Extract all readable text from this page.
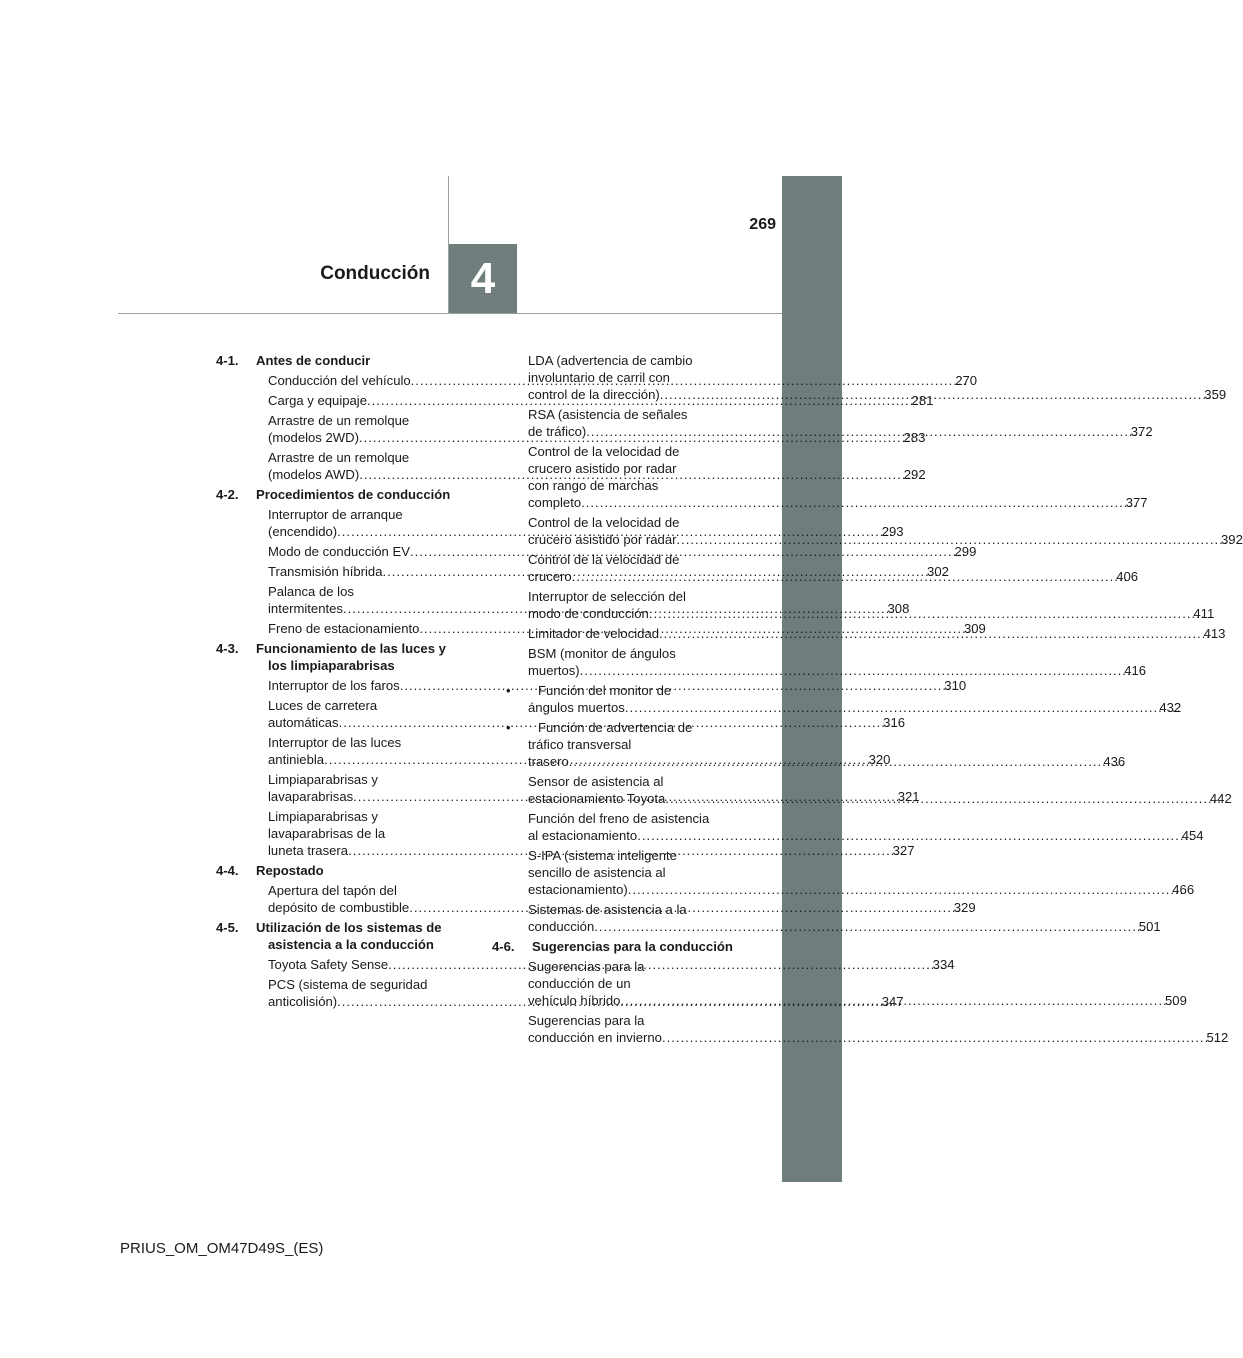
269
Conducción 4
4-1.	Antes de conducir
Conducción del vehículo .....	270
Carga y equipaje .....	281
Arrastre de un remolque
(modelos 2WD) .....	283
Arrastre de un remolque
(modelos AWD) .....	292
4-2.	Procedimientos de conducción
Interruptor de arranque
(encendido) .....	293
Modo de conducción EV .....	299
Transmisión híbrida .....	302
Palanca de los
intermitentes .....	308
Freno de estacionamiento .....	309
4-3.	Funcionamiento de las luces y los limpiaparabrisas
Interruptor de los faros .....	310
Luces de carretera
automáticas .....	316
Interruptor de las luces
antiniebla .....	320
Limpiaparabrisas y
lavaparabrisas .....	321
Limpiaparabrisas y
lavaparabrisas de la
luneta trasera .....	327
4-4.	Repostado
Apertura del tapón del
depósito de combustible .....	329
4-5.	Utilización de los sistemas de asistencia a la conducción
Toyota Safety Sense .....	334
PCS (sistema de seguridad
anticolisión) .....	347
LDA (advertencia de cambio
involuntario de carril con
control de la dirección) .....	359
RSA (asistencia de señales
de tráfico) .....	372
Control de la velocidad de
crucero asistido por radar
con rango de marchas
completo .....	377
Control de la velocidad de
crucero asistido por radar .....	392
Control de la velocidad de
crucero .....	406
Interruptor de selección del
modo de conducción .....	411
Limitador de velocidad .....	413
BSM (monitor de ángulos
muertos) .....	416
• Función del monitor de
ángulos muertos .....	432
• Función de advertencia de
tráfico transversal
trasero .....	436
Sensor de asistencia al
estacionamiento Toyota .....	442
Función del freno de asistencia
al estacionamiento .....	454
S-IPA (sistema inteligente
sencillo de asistencia al
estacionamiento) .....	466
Sistemas de asistencia a la
conducción .....	501
4-6.	Sugerencias para la conducción
Sugerencias para la
conducción de un
vehículo híbrido .....	509
Sugerencias para la
conducción en invierno .....	512
PRIUS_OM_OM47D49S_(ES)
